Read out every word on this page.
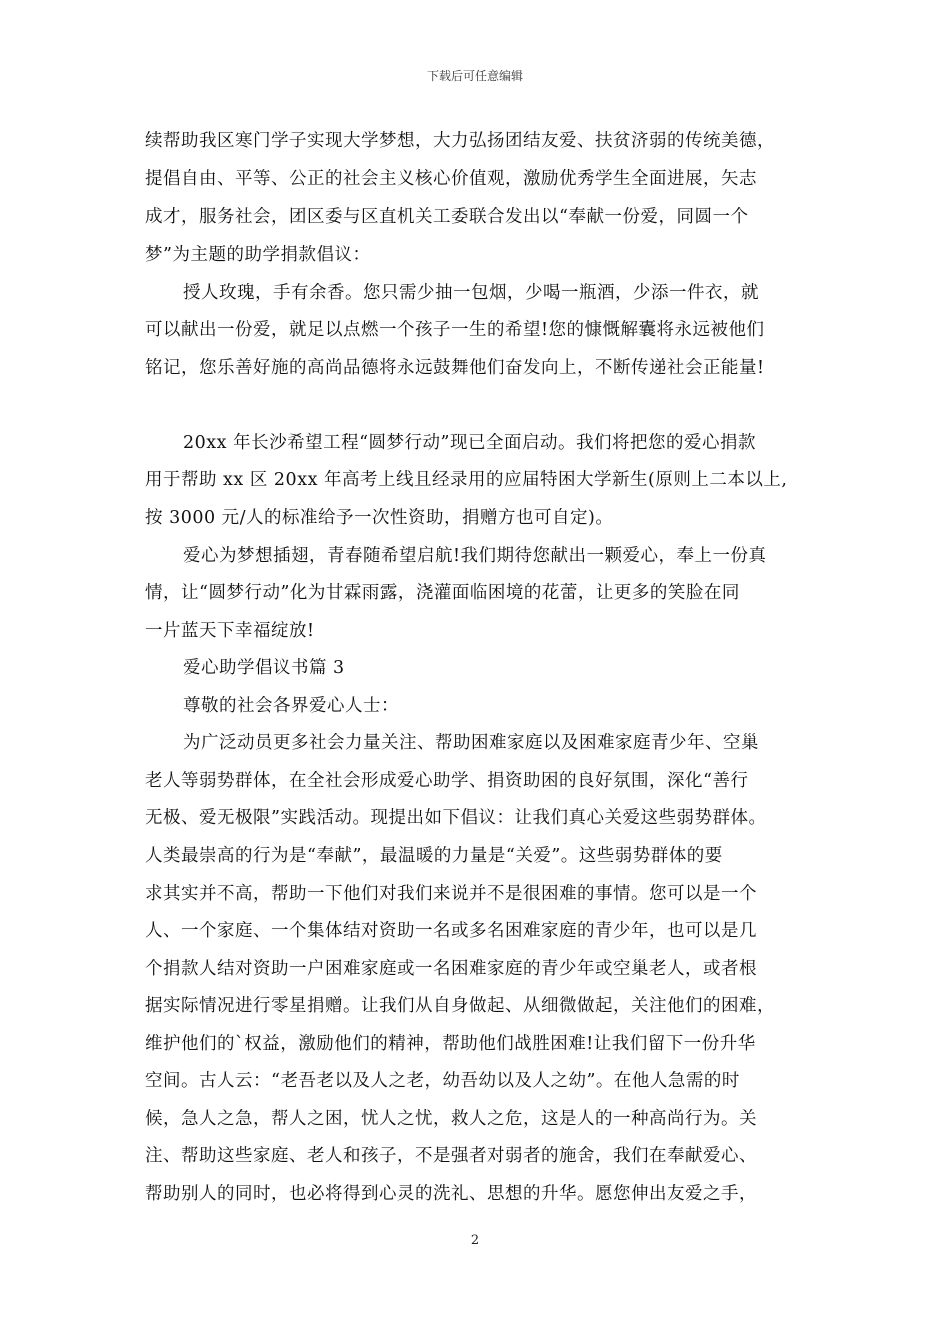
下载后可任意编辑
续帮助我区寒门学子实现大学梦想，大力弘扬团结友爱、扶贫济弱的传统美德，
提倡自由、平等、公正的社会主义核心价值观，激励优秀学生全面进展，矢志
成才，服务社会，团区委与区直机关工委联合发出以“奉献一份爱，同圆一个
梦”为主题的助学捐款倡议：
授人玫瑰，手有余香。您只需少抽一包烟，少喝一瓶酒，少添一件衣，就
可以献出一份爱，就足以点燃一个孩子一生的希望!您的慷慨解囊将永远被他们
铭记，您乐善好施的高尚品德将永远鼓舞他们奋发向上，不断传递社会正能量!
20xx 年长沙希望工程“圆梦行动”现已全面启动。我们将把您的爱心捐款
用于帮助 xx 区 20xx 年高考上线且经录用的应届特困大学新生(原则上二本以上,
按 3000 元/人的标准给予一次性资助，捐赠方也可自定)。
爱心为梦想插翅，青春随希望启航!我们期待您献出一颗爱心，奉上一份真
情，让“圆梦行动”化为甘霖雨露，浇灌面临困境的花蕾，让更多的笑脸在同
一片蓝天下幸福绽放!
爱心助学倡议书篇 3
尊敬的社会各界爱心人士：
为广泛动员更多社会力量关注、帮助困难家庭以及困难家庭青少年、空巢
老人等弱势群体，在全社会形成爱心助学、捐资助困的良好氛围，深化“善行
无极、爱无极限”实践活动。现提出如下倡议：让我们真心关爱这些弱势群体。
人类最崇高的行为是“奉献”，最温暖的力量是“关爱”。这些弱势群体的要
求其实并不高，帮助一下他们对我们来说并不是很困难的事情。您可以是一个
人、一个家庭、一个集体结对资助一名或多名困难家庭的青少年，也可以是几
个捐款人结对资助一户困难家庭或一名困难家庭的青少年或空巢老人，或者根
据实际情况进行零星捐赠。让我们从自身做起、从细微做起，关注他们的困难，
维护他们的`权益，激励他们的精神，帮助他们战胜困难!让我们留下一份升华
空间。古人云：“老吾老以及人之老，幼吾幼以及人之幼”。在他人急需的时
候，急人之急，帮人之困，忧人之忧，救人之危，这是人的一种高尚行为。关
注、帮助这些家庭、老人和孩子，不是强者对弱者的施舍，我们在奉献爱心、
帮助别人的同时，也必将得到心灵的洗礼、思想的升华。愿您伸出友爱之手，
2
